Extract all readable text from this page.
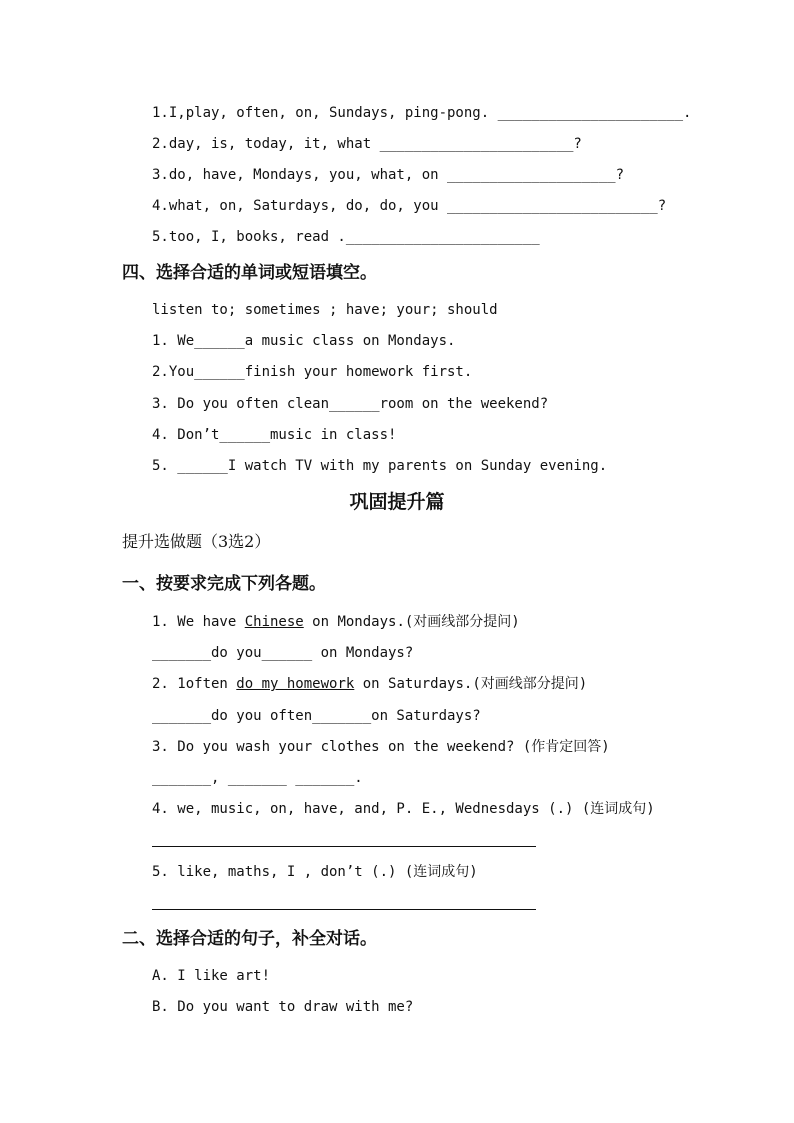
1.I,play, often, on, Sundays, ping-pong. ______________________.
2.day, is, today, it, what _______________________?
3.do, have, Mondays, you, what, on ____________________?
4.what, on, Saturdays, do, do, you _________________________?
5.too, I, books, read ._______________________
四、选择合适的单词或短语填空。
listen to; sometimes ; have; your; should
1. We______a music class on Mondays.
2.You______finish your homework first.
3. Do you often clean______room on the weekend?
4. Don’t______music in class!
5. ______I watch TV with my parents on Sunday evening.
巩固提升篇
提升选做题（3选2）
一、按要求完成下列各题。
1. We have Chinese on Mondays.(对画线部分提问)
_______do you______ on Mondays?
2. 1often do my homework on Saturdays.(对画线部分提问)
_______do you often_______on Saturdays?
3. Do you wash your clothes on the weekend? (作肯定回答)
_______, _______ _______.
4. we, music, on, have, and, P. E., Wednesdays (.) (连词成句)
5. like, maths, I , don’t (.) (连词成句)
二、选择合适的句子，补全对话。
A. I like art!
B. Do you want to draw with me?
